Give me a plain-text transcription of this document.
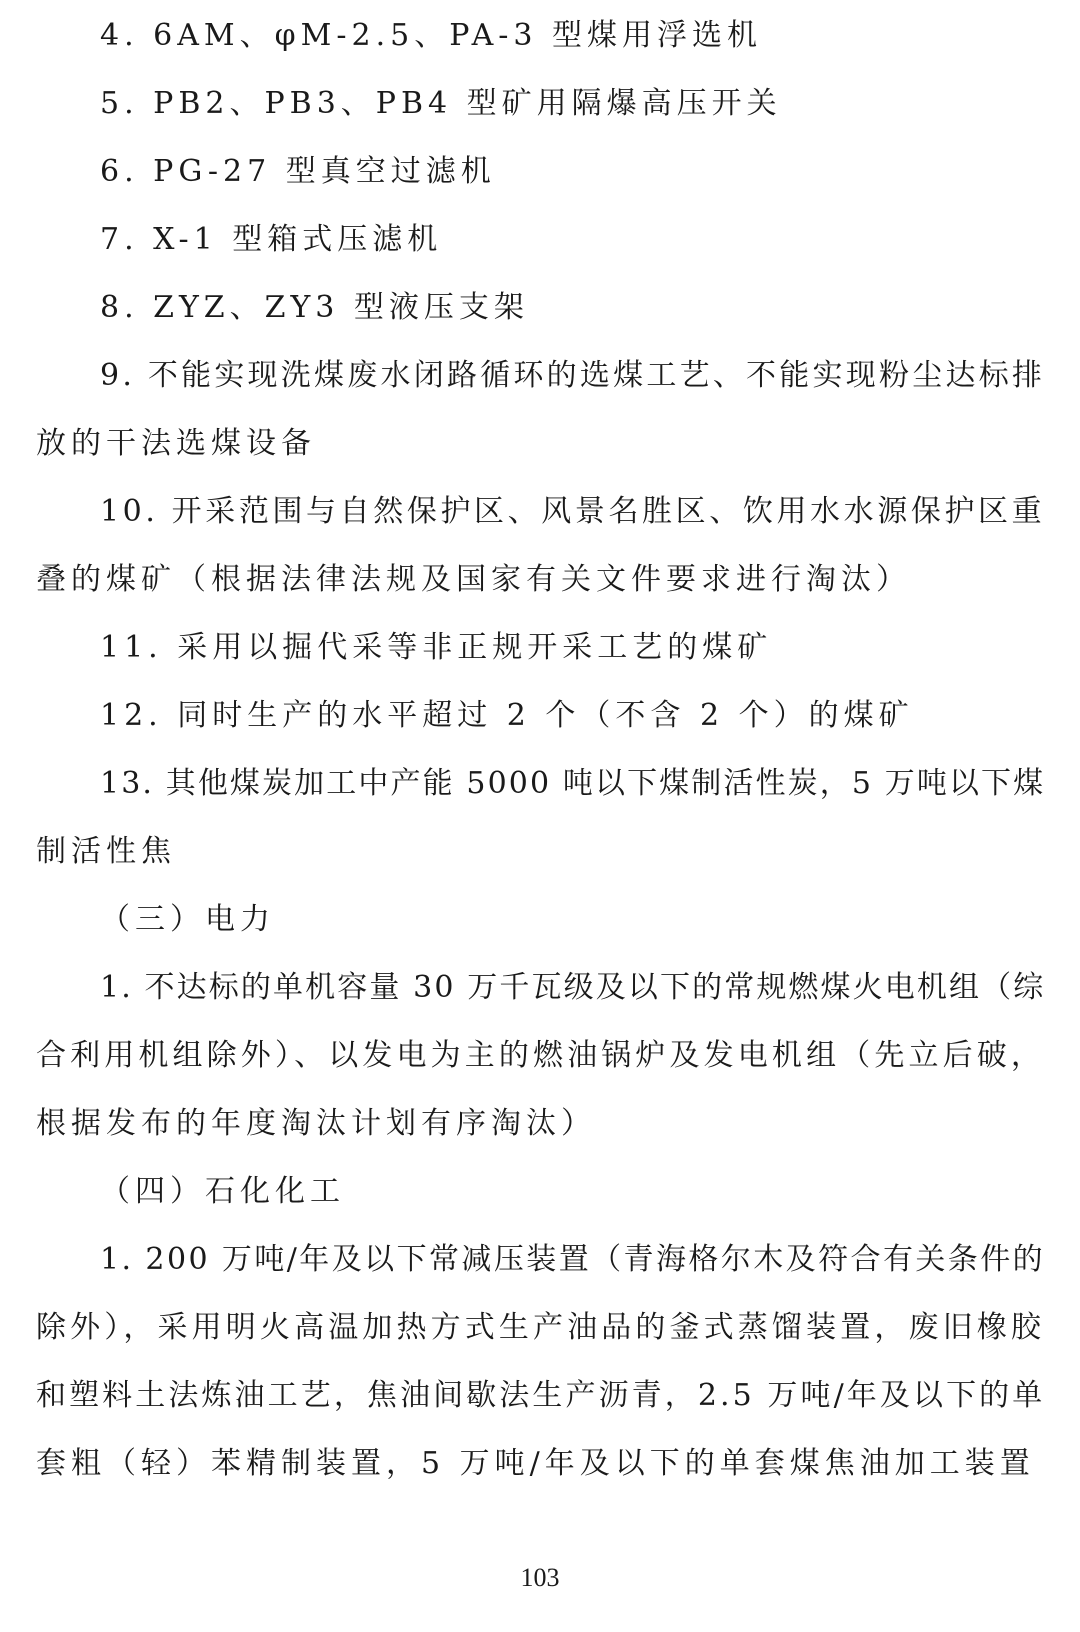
4. 6AM、φM-2.5、PA-3 型煤用浮选机
5. PB2、PB3、PB4 型矿用隔爆高压开关
6. PG-27 型真空过滤机
7. X-1 型箱式压滤机
8. ZYZ、ZY3 型液压支架
9. 不能实现洗煤废水闭路循环的选煤工艺、不能实现粉尘达标排
放的干法选煤设备
10. 开采范围与自然保护区、风景名胜区、饮用水水源保护区重
叠的煤矿（根据法律法规及国家有关文件要求进行淘汰）
11. 采用以掘代采等非正规开采工艺的煤矿
12. 同时生产的水平超过 2 个（不含 2 个）的煤矿
13. 其他煤炭加工中产能 5000 吨以下煤制活性炭，5 万吨以下煤
制活性焦
（三）电力
1. 不达标的单机容量 30 万千瓦级及以下的常规燃煤火电机组（综
合利用机组除外）、以发电为主的燃油锅炉及发电机组（先立后破，
根据发布的年度淘汰计划有序淘汰）
（四）石化化工
1. 200 万吨/年及以下常减压装置（青海格尔木及符合有关条件的
除外），采用明火高温加热方式生产油品的釜式蒸馏装置，废旧橡胶
和塑料土法炼油工艺，焦油间歇法生产沥青，2.5 万吨/年及以下的单
套粗（轻）苯精制装置，5 万吨/年及以下的单套煤焦油加工装置
103
